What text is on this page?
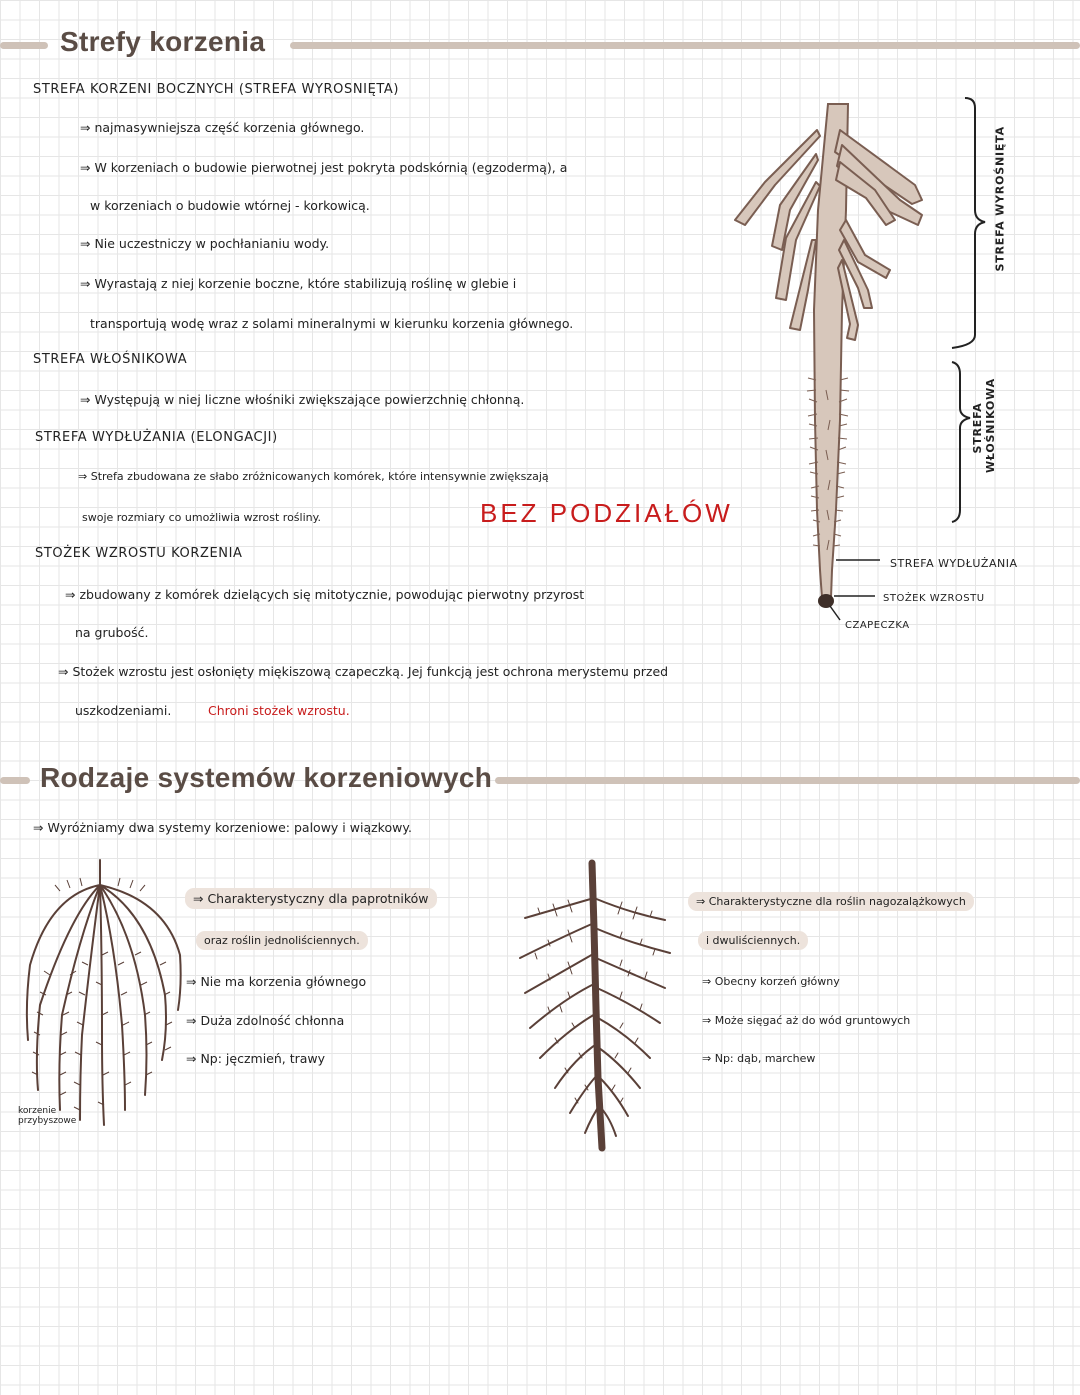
Strefy korzenia
STREFA KORZENI BOCZNYCH (STREFA WYROSNIĘTA)
⇒ najmasywniejsza część korzenia głównego.
⇒ W korzeniach o budowie pierwotnej jest pokryta podskórnią (egzodermą), a
w korzeniach o budowie wtórnej - korkowicą.
⇒ Nie uczestniczy w pochłanianiu wody.
⇒ Wyrastają z niej korzenie boczne, które stabilizują roślinę w glebie i
transportują wodę wraz z solami mineralnymi w kierunku korzenia głównego.
STREFA WŁOŚNIKOWA
⇒ Występują w niej liczne włośniki zwiększające powierzchnię chłonną.
STREFA WYDŁUŻANIA (ELONGACJI)
⇒ Strefa zbudowana ze słabo zróżnicowanych komórek, które intensywnie zwiększają
swoje rozmiary co umożliwia wzrost rośliny.	BEZ PODZIAŁÓW
STOŻEK WZROSTU KORZENIA
⇒ zbudowany z komórek dzielących się mitotycznie, powodując pierwotny przyrost
na grubość.
⇒ Stożek wzrostu jest osłonięty miękiszową czapeczką. Jej funkcją jest ochrona merystemu przed
uszkodzeniami.	Chroni stożek wzrostu.
STREFA WYROŚNIĘTA
STREFA
WŁOŚNIKOWA
STREFA WYDŁUŻANIA
STOŻEK WZROSTU
CZAPECZKA
Rodzaje systemów korzeniowych
⇒ Wyróżniamy dwa systemy korzeniowe: palowy i wiązkowy.
korzenie
przybyszowe
⇒ Charakterystyczny dla paprotników
oraz roślin jednoliściennych.
⇒ Nie ma korzenia głównego
⇒ Duża zdolność chłonna
⇒ Np: jęczmień, trawy
⇒ Charakterystyczne dla roślin nagozalążkowych
i dwuliściennych.
⇒ Obecny korzeń główny
⇒ Może sięgać aż do wód gruntowych
⇒ Np: dąb, marchew
